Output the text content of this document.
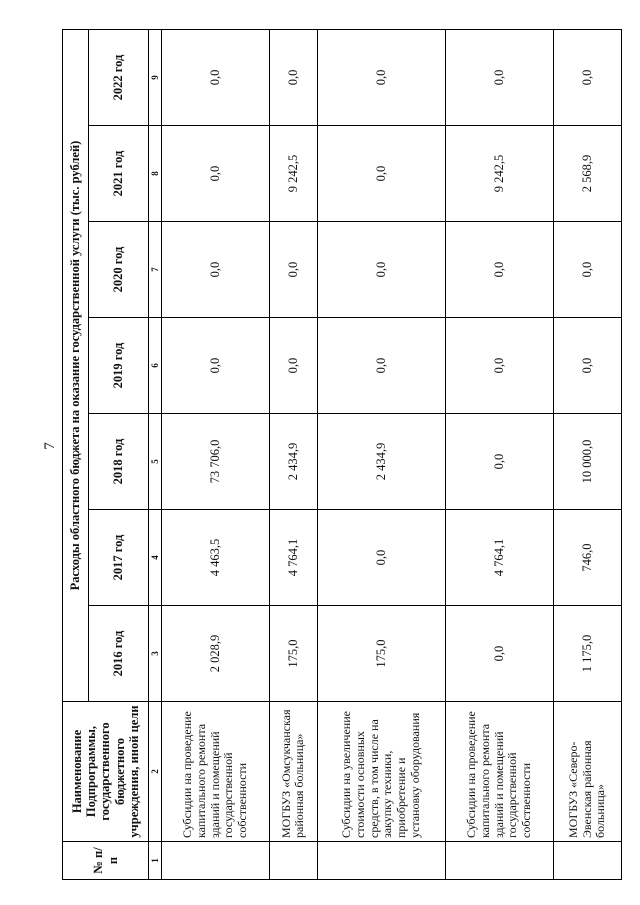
7
№ п/п	Наименование Подпрограммы, государственного бюджетного учреждения, иной цели	Расходы областного бюджета на оказание государственной услуги (тыс. рублей)						
		2016 год	2017 год	2018 год	2019 год	2020 год	2021 год	2022 год
1	2	3	4	5	6	7	8	9
	Субсидии на проведение капитального ремонта зданий и помещений государственной собственности	2 028,9	4 463,5	73 706,0	0,0	0,0	0,0	0,0
	МОГБУЗ «Омсукчанская районная больница»	175,0	4 764,1	2 434,9	0,0	0,0	9 242,5	0,0
	Субсидии на увеличение стоимости основных средств, в том числе на закупку техники, приобретение и установку оборудования	175,0	0,0	2 434,9	0,0	0,0	0,0	0,0
	Субсидии на проведение капитального ремонта зданий и помещений государственной собственности	0,0	4 764,1	0,0	0,0	0,0	9 242,5	0,0
	МОГБУЗ «Северо-Эвенская районная больница»	1 175,0	746,0	10 000,0	0,0	0,0	2 568,9	0,0
